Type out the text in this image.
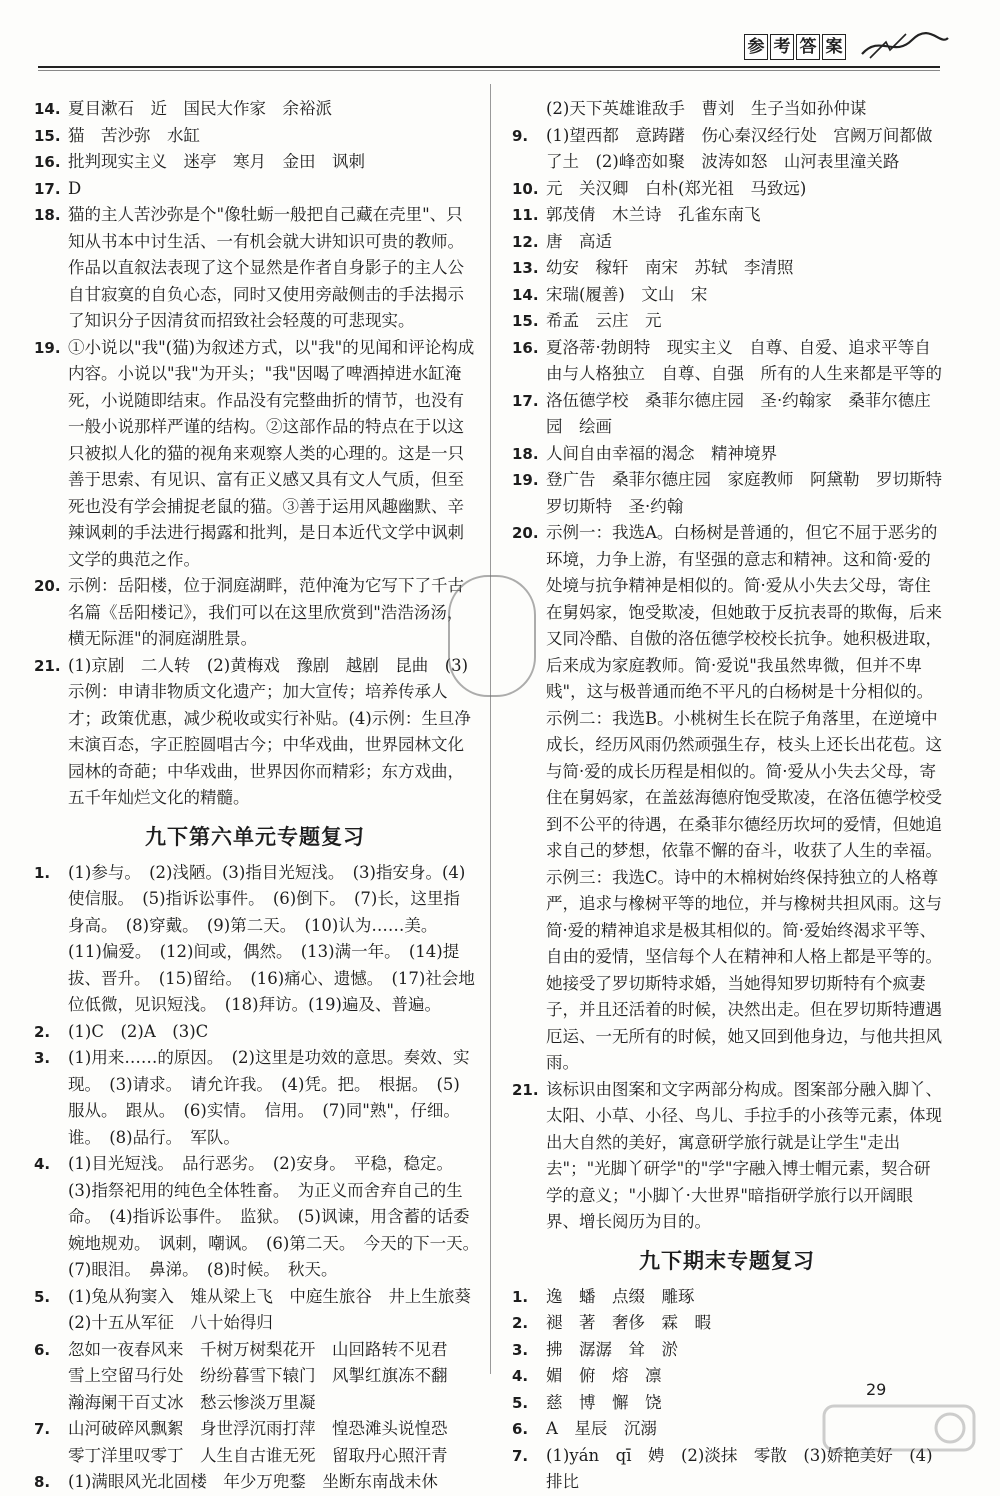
参 考 答 案
14. 夏目漱石　近　国民大作家　余裕派
15. 猫　苦沙弥　水缸
16. 批判现实主义　迷亭　寒月　金田　讽刺
17. D
18. 猫的主人苦沙弥是个"像牡蛎一般把自己藏在壳里"、只知从书本中讨生活、一有机会就大讲知识可贵的教师。作品以直叙法表现了这个显然是作者自身影子的主人公自甘寂寞的自负心态，同时又使用旁敲侧击的手法揭示了知识分子因清贫而招致社会轻蔑的可悲现实。
19. ①小说以"我"(猫)为叙述方式，以"我"的见闻和评论构成内容。小说以"我"为开头；"我"因喝了啤酒掉进水缸淹死，小说随即结束。作品没有完整曲折的情节，也没有一般小说那样严谨的结构。②这部作品的特点在于以这只被拟人化的猫的视角来观察人类的心理的。这是一只善于思索、有见识、富有正义感又具有文人气质，但至死也没有学会捕捉老鼠的猫。③善于运用风趣幽默、辛辣讽刺的手法进行揭露和批判，是日本近代文学中讽刺文学的典范之作。
20. 示例：岳阳楼，位于洞庭湖畔，范仲淹为它写下了千古名篇《岳阳楼记》，我们可以在这里欣赏到"浩浩汤汤，横无际涯"的洞庭湖胜景。
21. (1)京剧　二人转　(2)黄梅戏　豫剧　越剧　昆曲　(3)示例：申请非物质文化遗产；加大宣传；培养传承人才；政策优惠，减少税收或实行补贴。(4)示例：生旦净末演百态，字正腔圆唱古今；中华戏曲，世界园林文化园林的奇葩；中华戏曲，世界因你而精彩；东方戏曲，五千年灿烂文化的精髓。
九下第六单元专题复习
1.	(1)参与。　(2)浅陋。(3)指目光短浅。　(3)指安身。(4)使信服。　(5)指诉讼事件。　(6)倒下。　(7)长，这里指身高。　(8)穿戴。　(9)第二天。　(10)认为……美。　(11)偏爱。　(12)间或，偶然。　(13)满一年。　(14)提拔、晋升。　(15)留给。　(16)痛心、遗憾。　(17)社会地位低微，见识短浅。　(18)拜访。(19)遍及、普遍。
2.	(1)C　(2)A　(3)C
3.	(1)用来……的原因。　(2)这里是功效的意思。奏效、实现。　(3)请求。　请允许我。　(4)凭。把。　根据。　(5)服从。　跟从。　(6)实情。　信用。　(7)同"熟"，仔细。　谁。　(8)品行。　军队。
4.	(1)目光短浅。　品行恶劣。　(2)安身。　平稳，稳定。(3)指祭祀用的纯色全体牲畜。　为正义而舍弃自己的生命。　(4)指诉讼事件。　监狱。　(5)讽谏，用含蓄的话委婉地规劝。　讽刺，嘲讽。　(6)第二天。　今天的下一天。　(7)眼泪。　鼻涕。　(8)时候。　秋天。
5.	(1)兔从狗窦入　雉从梁上飞　中庭生旅谷　井上生旅葵　(2)十五从军征　八十始得归
6.	忽如一夜春风来　千树万树梨花开　山回路转不见君　雪上空留马行处　纷纷暮雪下辕门　风掣红旗冻不翻　瀚海阑干百丈冰　愁云惨淡万里凝
7.	山河破碎风飘絮　身世浮沉雨打萍　惶恐滩头说惶恐　零丁洋里叹零丁　人生自古谁无死　留取丹心照汗青
8.	(1)满眼风光北固楼　年少万兜鍪　坐断东南战未休
(2)天下英雄谁敌手　曹刘　生子当如孙仲谋
9.	(1)望西都　意踌躇　伤心秦汉经行处　宫阙万间都做了土　(2)峰峦如聚　波涛如怒　山河表里潼关路
10. 元　关汉卿　白朴(郑光祖　马致远)
11. 郭茂倩　木兰诗　孔雀东南飞
12. 唐　高适
13. 幼安　稼轩　南宋　苏轼　李清照
14. 宋瑞(履善)　文山　宋
15. 希孟　云庄　元
16. 夏洛蒂·勃朗特　现实主义　自尊、自爱、追求平等自由与人格独立　自尊、自强　所有的人生来都是平等的
17. 洛伍德学校　桑菲尔德庄园　圣·约翰家　桑菲尔德庄园　绘画
18. 人间自由幸福的渴念　精神境界
19. 登广告　桑菲尔德庄园　家庭教师　阿黛勒　罗切斯特　罗切斯特　圣·约翰
20. 示例一：我选A。白杨树是普通的，但它不屈于恶劣的环境，力争上游，有坚强的意志和精神。这和简·爱的处境与抗争精神是相似的。简·爱从小失去父母，寄住在舅妈家，饱受欺凌，但她敢于反抗表哥的欺侮，后来又同冷酷、自傲的洛伍德学校校长抗争。她积极进取，后来成为家庭教师。简·爱说"我虽然卑微，但并不卑贱"，这与极普通而绝不平凡的白杨树是十分相似的。示例二：我选B。小桃树生长在院子角落里，在逆境中成长，经历风雨仍然顽强生存，枝头上还长出花苞。这与简·爱的成长历程是相似的。简·爱从小失去父母，寄住在舅妈家，在盖兹海德府饱受欺凌，在洛伍德学校受到不公平的待遇，在桑菲尔德经历坎坷的爱情，但她追求自己的梦想，依靠不懈的奋斗，收获了人生的幸福。示例三：我选C。诗中的木棉树始终保持独立的人格尊严，追求与橡树平等的地位，并与橡树共担风雨。这与简·爱的精神追求是极其相似的。简·爱始终渴求平等、自由的爱情，坚信每个人在精神和人格上都是平等的。她接受了罗切斯特求婚，当她得知罗切斯特有个疯妻子，并且还活着的时候，决然出走。但在罗切斯特遭遇厄运、一无所有的时候，她又回到他身边，与他共担风雨。
21. 该标识由图案和文字两部分构成。图案部分融入脚丫、太阳、小草、小径、鸟儿、手拉手的小孩等元素，体现出大自然的美好，寓意研学旅行就是让学生"走出去"；"光脚丫研学"的"学"字融入博士帽元素，契合研学的意义；"小脚丫·大世界"暗指研学旅行以开阔眼界、增长阅历为目的。
九下期末专题复习
1.	逸　蟠　点缀　雕琢
2.	褪　著　奢侈　霖　暇
3.	拂　潺潺　耸　淤
4.	媚　俯　熔　凛
5.	慈　博　懈　饶
6.	A　星辰　沉溺
7.	(1)yán　qī　娉　(2)淡抹　零散　(3)娇艳美好　(4)排比
29
